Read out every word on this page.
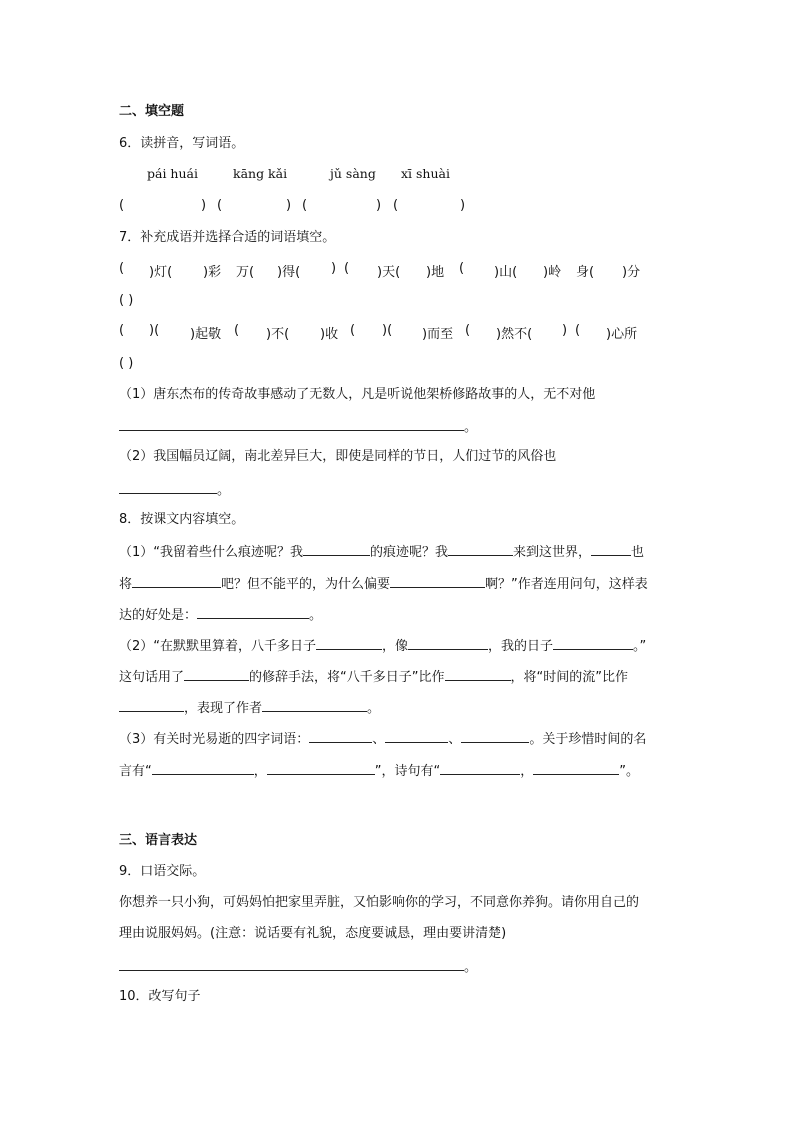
二、填空题
6．读拼音，写词语。
pái huái	kāng kǎi	jǔ sàng xī shuài
(	) (	) (	) (	)
7．补充成语并选择合适的词语填空。
( )灯( )彩 万( )得( ) ( )天( )地 ( )山( )岭 身( )分
( )
( )( )起敬 ( )不( )收 ( )( )而至 ( )然不( ) ( )心所
( )
（1）唐东杰布的传奇故事感动了无数人，凡是听说他架桥修路故事的人，无不对他
。
（2）我国幅员辽阔，南北差异巨大，即使是同样的节日，人们过节的风俗也
。
8．按课文内容填空。
（1）“我留着些什么痕迹呢？我	的痕迹呢？我	来到这世界，	也
将	吧？但不能平的，为什么偏要	啊？”作者连用问句，这样表
达的好处是：	。
（2）“在默默里算着，八千多日子	，像	，我的日子	。”
这句话用了	的修辞手法，将“八千多日子”比作	，将“时间的流”比作
，表现了作者	。
（3）有关时光易逝的四字词语：	、	、	。关于珍惜时间的名
言有“	，	”，诗句有“	，	”。
三、语言表达
9．口语交际。
你想养一只小狗，可妈妈怕把家里弄脏，又怕影响你的学习，不同意你养狗。请你用自己的
理由说服妈妈。(注意：说话要有礼貌，态度要诚恳，理由要讲清楚)
。
10．改写句子
